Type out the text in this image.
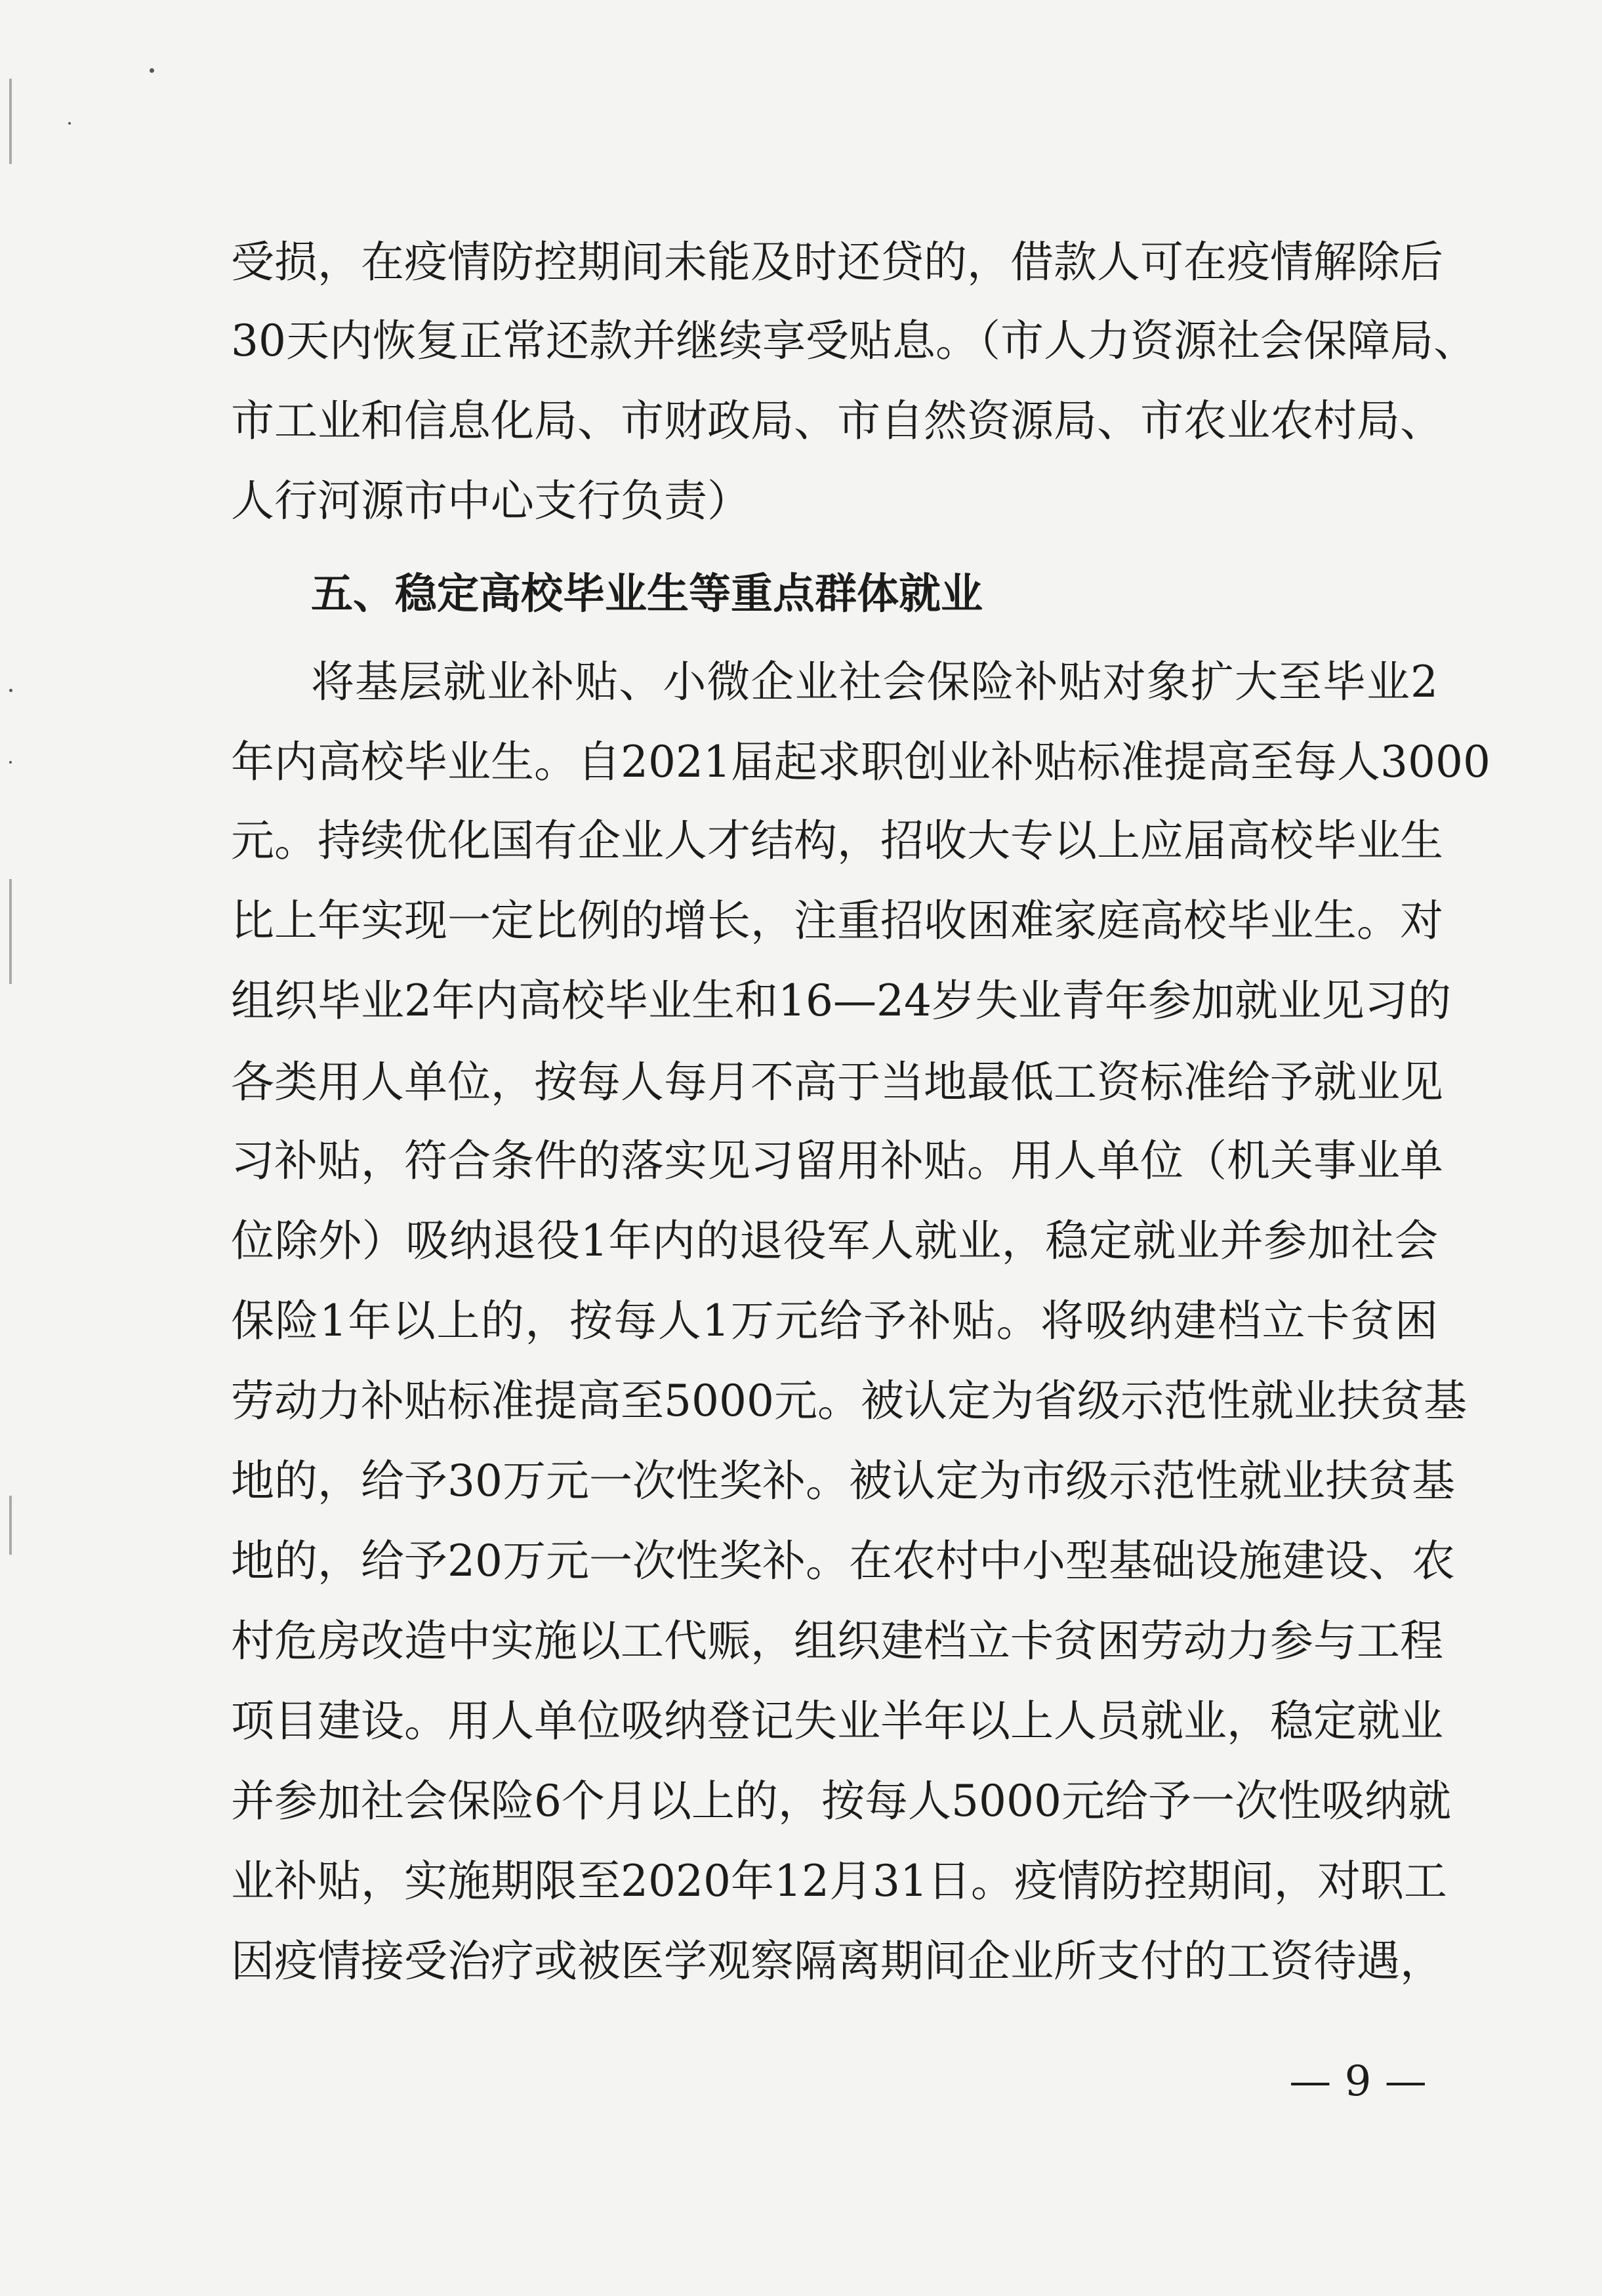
受损，在疫情防控期间未能及时还贷的，借款人可在疫情解除后
30天内恢复正常还款并继续享受贴息。（市人力资源社会保障局、
市工业和信息化局、市财政局、市自然资源局、市农业农村局、
人行河源市中心支行负责）
五、稳定高校毕业生等重点群体就业
将基层就业补贴、小微企业社会保险补贴对象扩大至毕业2
年内高校毕业生。自2021届起求职创业补贴标准提高至每人3000
元。持续优化国有企业人才结构，招收大专以上应届高校毕业生
比上年实现一定比例的增长，注重招收困难家庭高校毕业生。对
组织毕业2年内高校毕业生和16—24岁失业青年参加就业见习的
各类用人单位，按每人每月不高于当地最低工资标准给予就业见
习补贴，符合条件的落实见习留用补贴。用人单位（机关事业单
位除外）吸纳退役1年内的退役军人就业，稳定就业并参加社会
保险1年以上的，按每人1万元给予补贴。将吸纳建档立卡贫困
劳动力补贴标准提高至5000元。被认定为省级示范性就业扶贫基
地的，给予30万元一次性奖补。被认定为市级示范性就业扶贫基
地的，给予20万元一次性奖补。在农村中小型基础设施建设、农
村危房改造中实施以工代赈，组织建档立卡贫困劳动力参与工程
项目建设。用人单位吸纳登记失业半年以上人员就业，稳定就业
并参加社会保险6个月以上的，按每人5000元给予一次性吸纳就
业补贴，实施期限至2020年12月31日。疫情防控期间，对职工
因疫情接受治疗或被医学观察隔离期间企业所支付的工资待遇，
— 9 —
